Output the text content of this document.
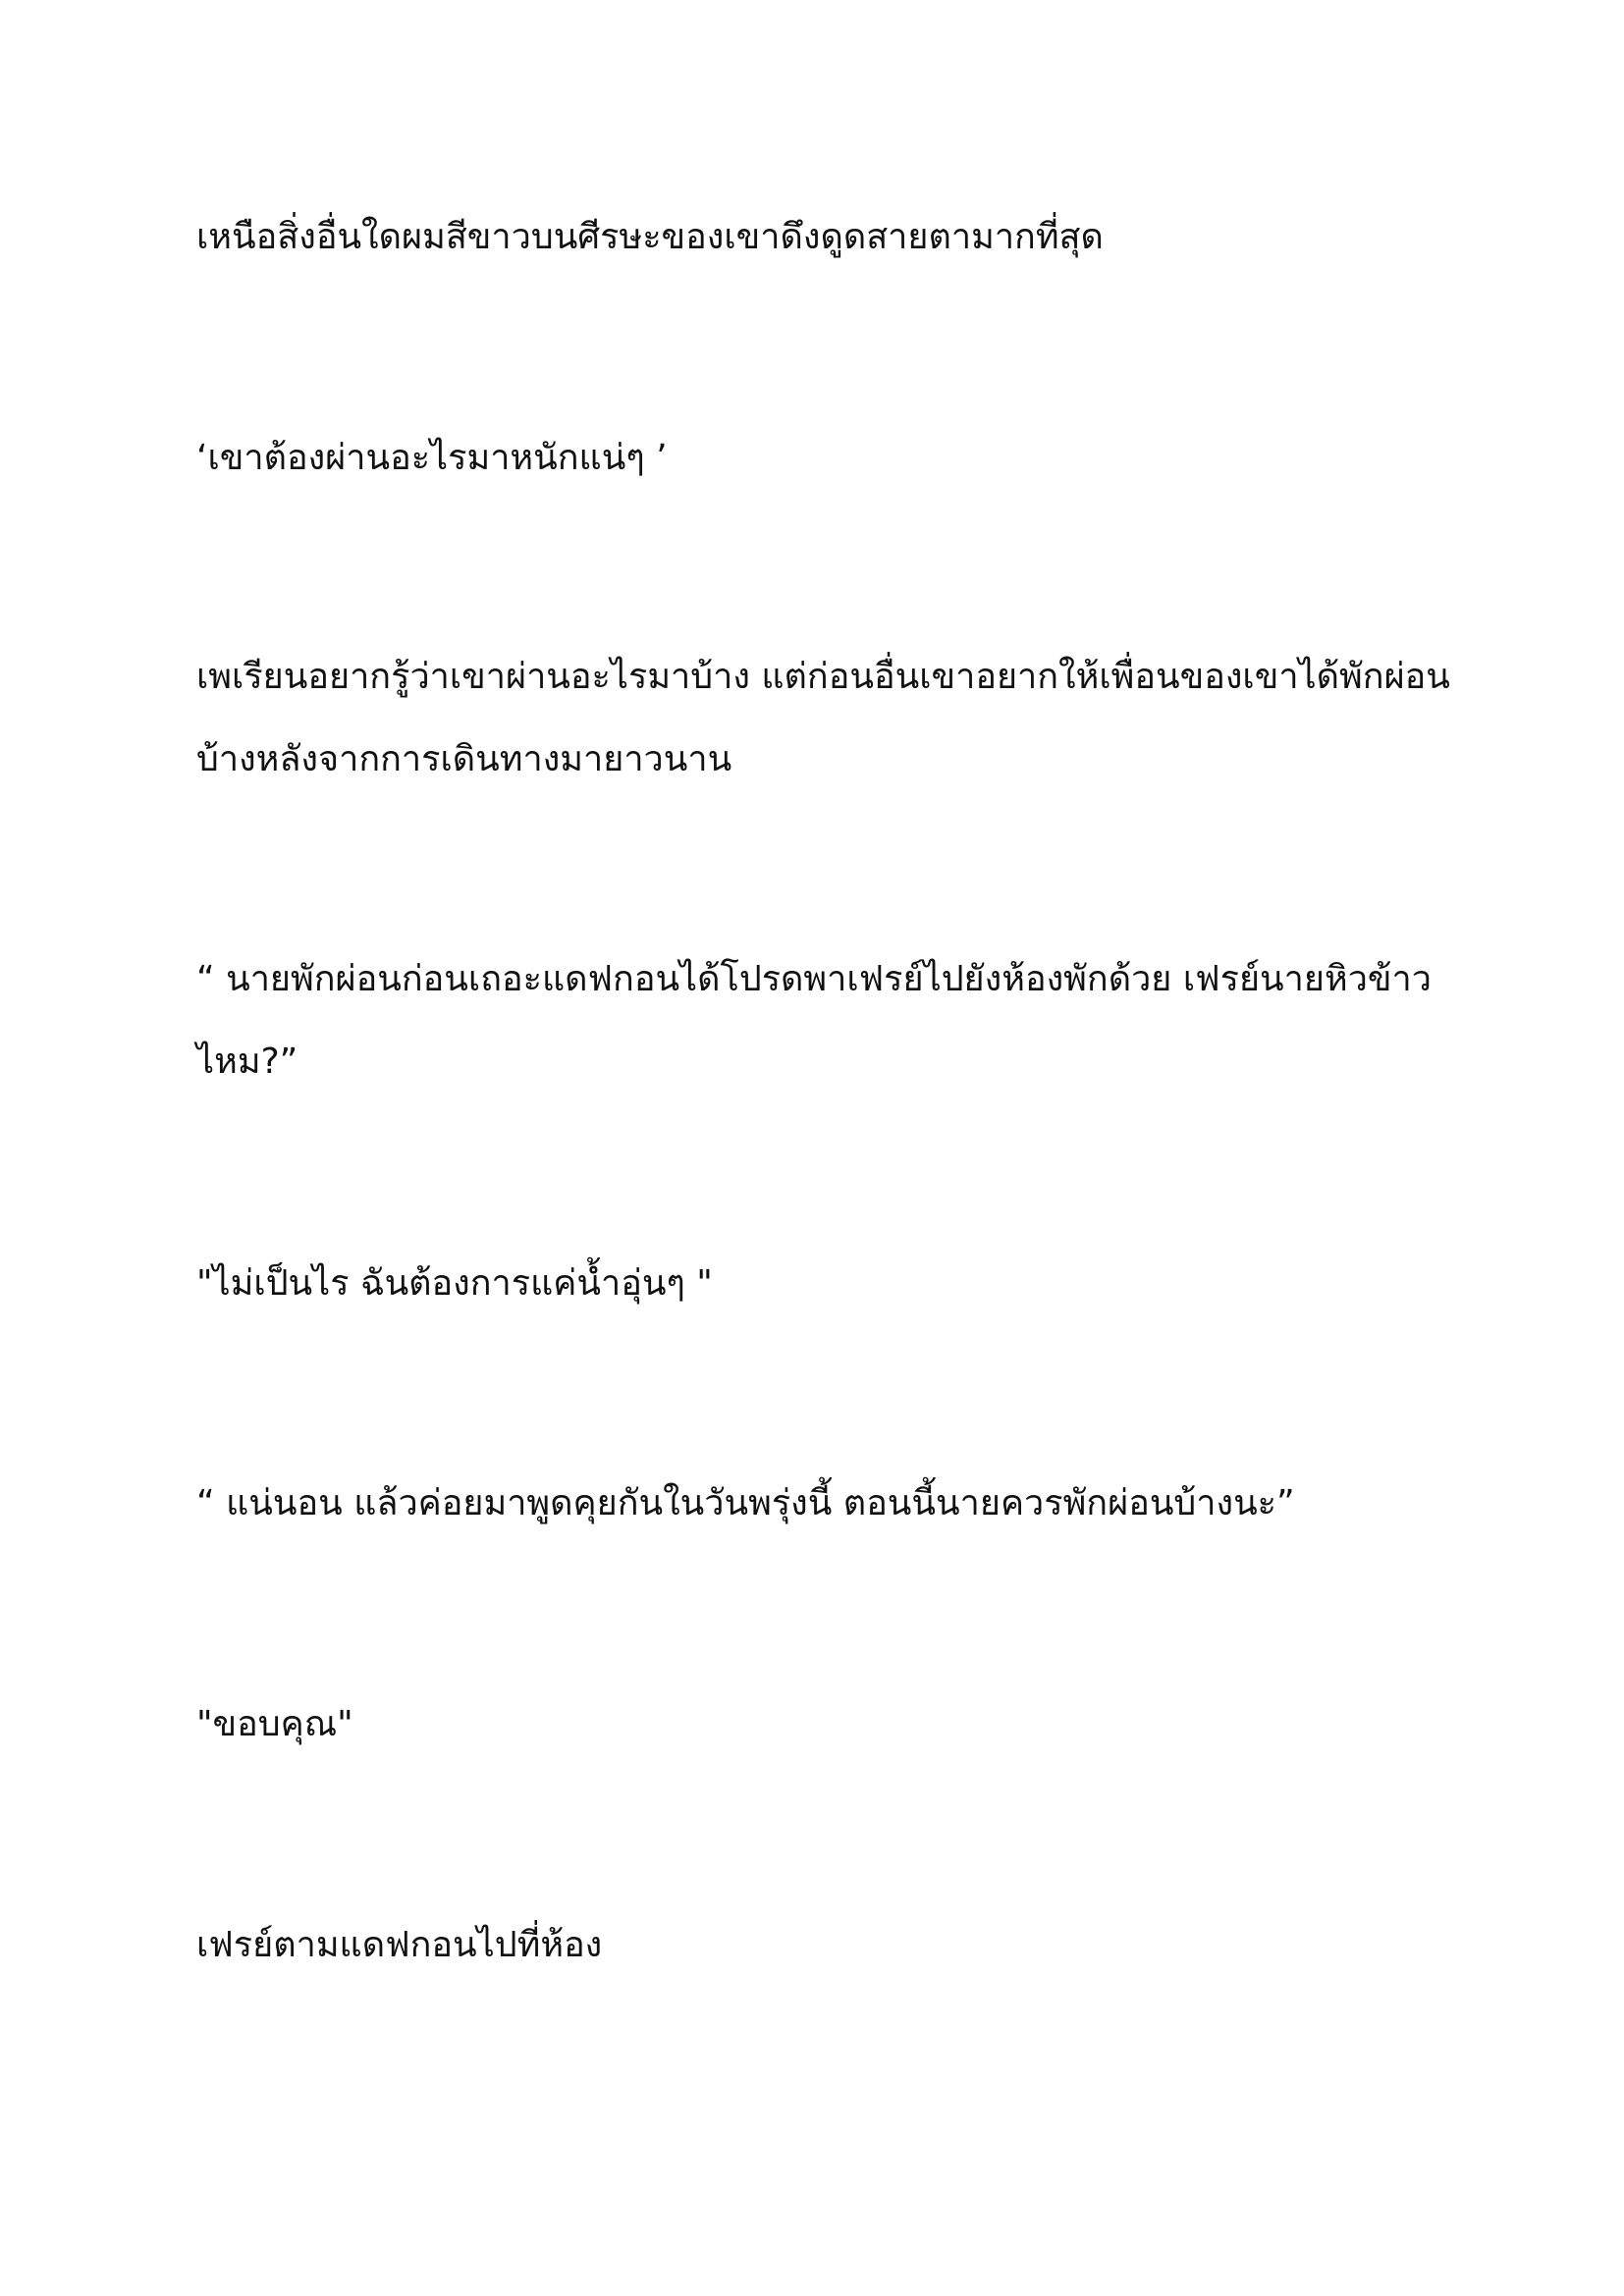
เหนือสิ่งอื่นใดผมสีขาวบนศีรษะของเขาดึงดูดสายตามากที่สุด

‘เขาต้องผ่านอะไรมาหนักแน่ๆ ’

เพเรียนอยากรู้ว่าเขาผ่านอะไรมาบ้าง แต่ก่อนอื่นเขาอยากให้เพื่อนของเขาได้พักผ่อนบ้างหลังจากการเดินทางมายาวนาน

“ นายพักผ่อนก่อนเถอะแดฟกอนได้โปรดพาเฟรย์ไปยังห้องพักด้วย เฟรย์นายหิวข้าวไหม?”

"ไม่เป็นไร ฉันต้องการแค่น้ำอุ่นๆ "

“ แน่นอน แล้วค่อยมาพูดคุยกันในวันพรุ่งนี้ ตอนนี้นายควรพักผ่อนบ้างนะ”

"ขอบคุณ"

เฟรย์ตามแดฟกอนไปที่ห้อง
